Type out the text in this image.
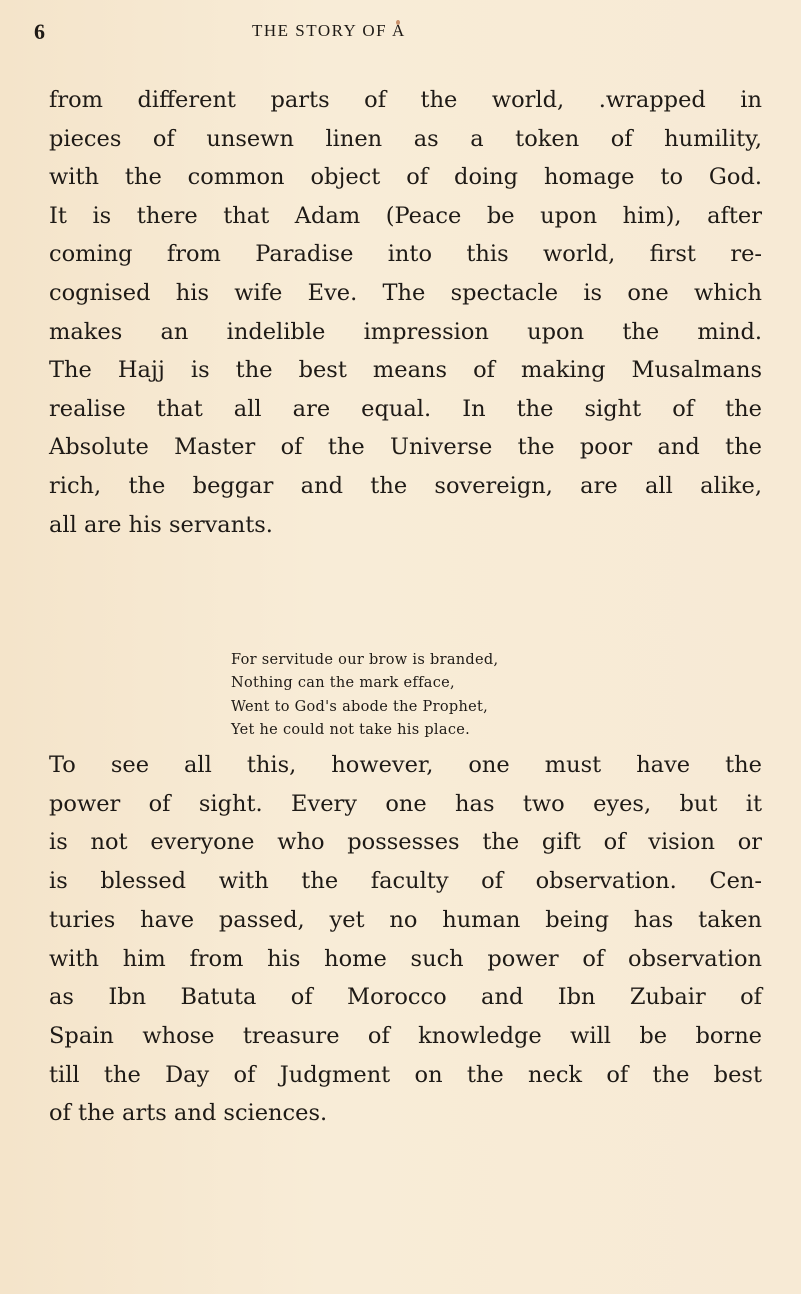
6	THE STORY OF A
from different parts of the world, .wrapped in
pieces of unsewn linen as a token of humility,
with the common object of doing homage to God.
It is there that Adam (Peace be upon him), after
coming from Paradise into this world, first re-
cognised his wife Eve. The spectacle is one which
makes an indelible impression upon the mind.
The Hajj is the best means of making Musalmans
realise that all are equal. In the sight of the
Absolute Master of the Universe the poor and the
rich, the beggar and the sovereign, are all alike,
all are his servants.
For servitude our brow is branded,
Nothing can the mark efface,
Went to God's abode the Prophet,
Yet he could not take his place.
To see all this, however, one must have the
power of sight. Every one has two eyes, but it
is not everyone who possesses the gift of vision or
is blessed with the faculty of observation. Cen-
turies have passed, yet no human being has taken
with him from his home such power of observation
as Ibn Batuta of Morocco and Ibn Zubair of
Spain whose treasure of knowledge will be borne
till the Day of Judgment on the neck of the best
of the arts and sciences.
